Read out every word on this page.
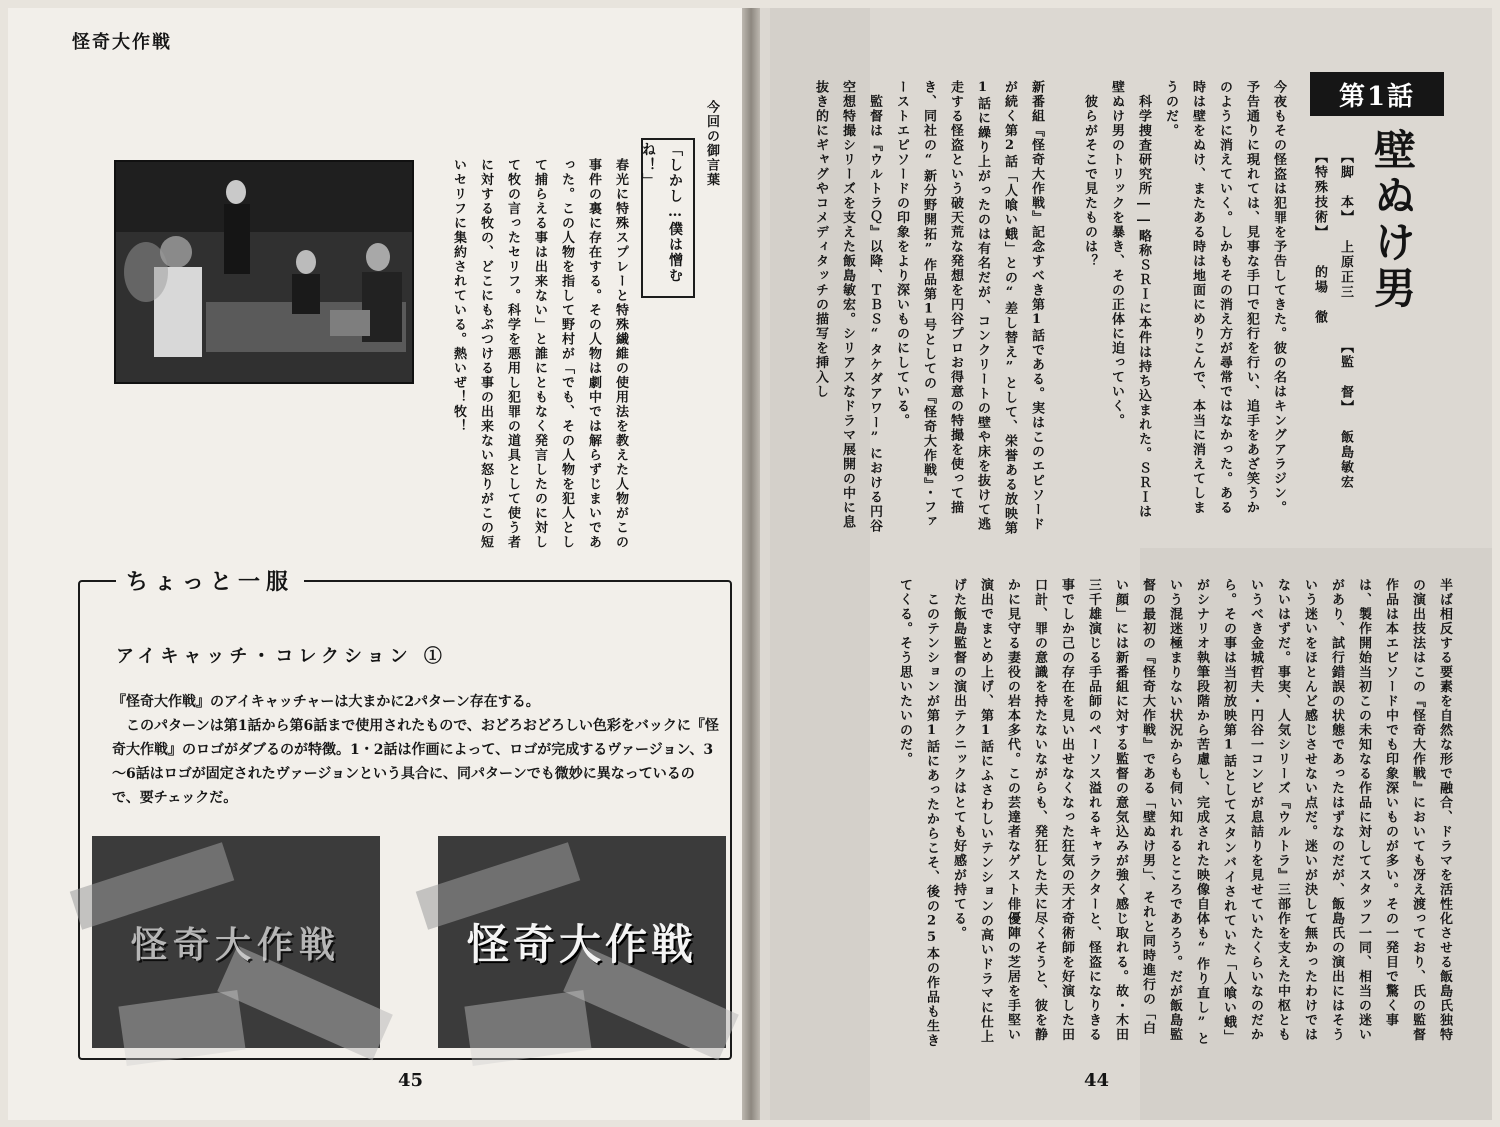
怪奇大作戦
今回の御言葉
「しかし…僕は憎むね！」
春光に特殊スプレーと特殊繊維の使用法を教えた人物がこの事件の裏に存在する。その人物は劇中では解らずじまいであった。この人物を指して野村が「でも、その人物を犯人として捕らえる事は出来ない」と誰にともなく発言したのに対して牧の言ったセリフ。科学を悪用し犯罪の道具として使う者に対する牧の、どこにもぶつける事の出来ない怒りがこの短いセリフに集約されている。熱いぜ！牧！
ちょっと一服
アイキャッチ・コレクション ①

『怪奇大作戦』のアイキャッチャーは大まかに2パターン存在する。

このパターンは第1話から第6話まで使用されたもので、おどろおどろしい色彩をバックに『怪奇大作戦』のロゴがダブるのが特徴。1・2話は作画によって、ロゴが完成するヴァージョン、3～6話はロゴが固定されたヴァージョンという具合に、同パターンでも微妙に異なっているので、要チェックだ。

怪奇大作戦	怪奇大作戦
45
第1話
壁ぬけ男
【脚　本】
上原正三
【監　督】
飯島敏宏
【特殊技術】
的場　徹
今夜もその怪盗は犯罪を予告してきた。彼の名はキングアラジン。予告通りに現れては、見事な手口で犯行を行い、追手をあざ笑うかのように消えていく。しかもその消え方が尋常ではなかった。ある時は壁をぬけ、またある時は地面にめりこんで、本当に消えてしまうのだ。
　科学捜査研究所――略称ＳＲＩに本件は持ち込まれた。ＳＲＩは壁ぬけ男のトリックを暴き、その正体に迫っていく。
　彼らがそこで見たものは？
新番組『怪奇大作戦』記念すべき第1話である。実はこのエピソードが続く第2話「人喰い蛾」との“差し替え”として、栄誉ある放映第1話に繰り上がったのは有名だが、コンクリートの壁や床を抜けて逃走する怪盗という破天荒な発想を円谷プロお得意の特撮を使って描き、同社の“新分野開拓”作品第1号としての『怪奇大作戦』・ファーストエピソードの印象をより深いものにしている。
　監督は『ウルトラＱ』以降、ＴＢＳ“タケダアワー”における円谷空想特撮シリーズを支えた飯島敏宏。シリアスなドラマ展開の中に息抜き的にギャグやコメディタッチの描写を挿入し
半ば相反する要素を自然な形で融合、ドラマを活性化させる飯島氏独特の演出技法はこの『怪奇大作戦』においても冴え渡っており、氏の監督作品は本エピソード中でも印象深いものが多い。その一発目で驚く事は、製作開始当初この未知なる作品に対してスタッフ一同、相当の迷いがあり、試行錯誤の状態であったはずなのだが、飯島氏の演出にはそういう迷いをほとんど感じさせない点だ。迷いが決して無かったわけではないはずだ。事実、人気シリーズ『ウルトラ』三部作を支えた中枢ともいうべき金城哲夫・円谷一コンビが息詰りを見せていたくらいなのだから。その事は当初放映第1話としてスタンバイされていた「人喰い蛾」がシナリオ執筆段階から苦慮し、完成された映像自体も“作り直し”という混迷極まりない状況からも伺い知れるところであろう。だが飯島監督の最初の『怪奇大作戦』である「壁ぬけ男」、それと同時進行の「白い顔」には新番組に対する監督の意気込みが強く感じ取れる。故・木田三千雄演じる手品師のペーソス溢れるキャラクターと、怪盗になりきる事でしか己の存在を見い出せなくなった狂気の天才奇術師を好演した田口計、罪の意識を持たないながらも、発狂した夫に尽くそうと、彼を静かに見守る妻役の岩本多代。この芸達者なゲスト俳優陣の芝居を手堅い演出でまとめ上げ、第1話にふさわしいテンションの高いドラマに仕上げた飯島監督の演出テクニックはとても好感が持てる。
　このテンションが第1話にあったからこそ、後の25本の作品も生きてくる。そう思いたいのだ。
44
